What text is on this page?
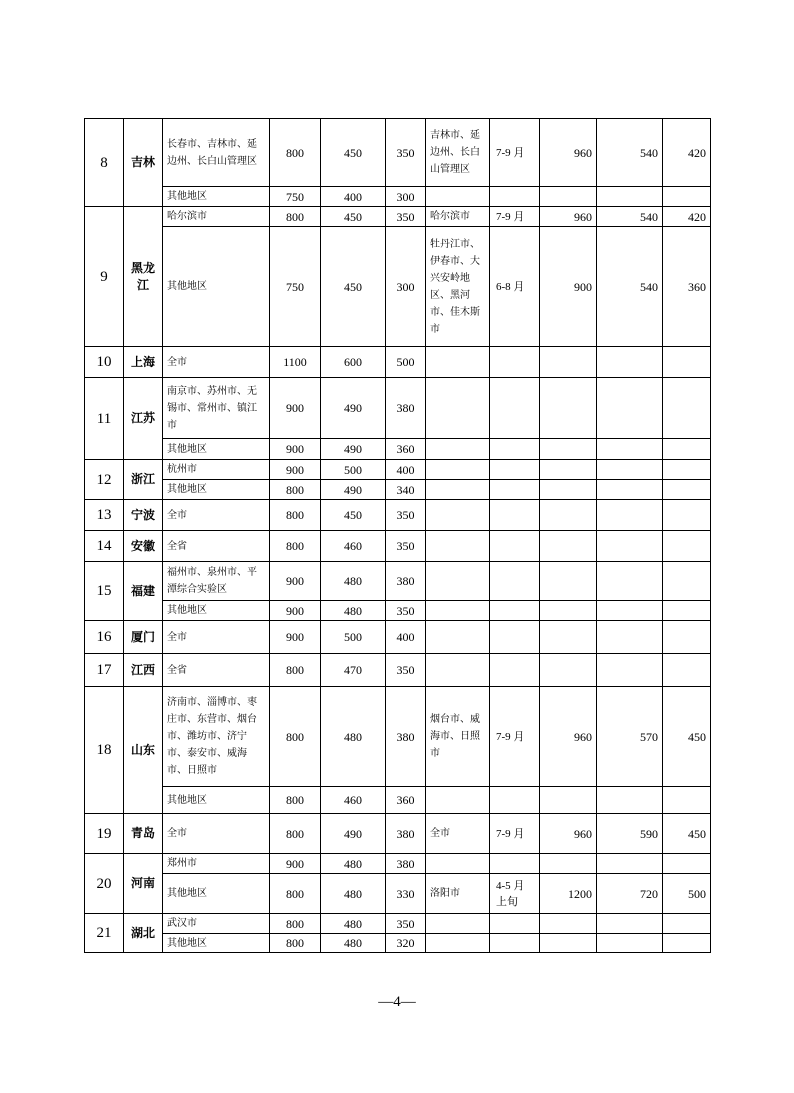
8	吉林	长春市、吉林市、延边州、长白山管理区	800	450	350	吉林市、延边州、长白山管理区	7-9 月	960	540	420
		其他地区	750	400	300					
9	黑龙江	哈尔滨市	800	450	350	哈尔滨市	7-9 月	960	540	420
		其他地区	750	450	300	牡丹江市、伊春市、大兴安岭地区、黑河市、佳木斯市	6-8 月	900	540	360
10	上海	全市	1100	600	500					
11	江苏	南京市、苏州市、无锡市、常州市、镇江市	900	490	380					
		其他地区	900	490	360					
12	浙江	杭州市	900	500	400					
		其他地区	800	490	340					
13	宁波	全市	800	450	350					
14	安徽	全省	800	460	350					
15	福建	福州市、泉州市、平潭综合实验区	900	480	380					
		其他地区	900	480	350					
16	厦门	全市	900	500	400					
17	江西	全省	800	470	350					
18	山东	济南市、淄博市、枣庄市、东营市、烟台市、潍坊市、济宁市、泰安市、威海市、日照市	800	480	380	烟台市、威海市、日照市	7-9 月	960	570	450
		其他地区	800	460	360					
19	青岛	全市	800	490	380	全市	7-9 月	960	590	450
20	河南	郑州市	900	480	380					
		其他地区	800	480	330	洛阳市	4-5 月上旬	1200	720	500
21	湖北	武汉市	800	480	350					
		其他地区	800	480	320					
—4—
